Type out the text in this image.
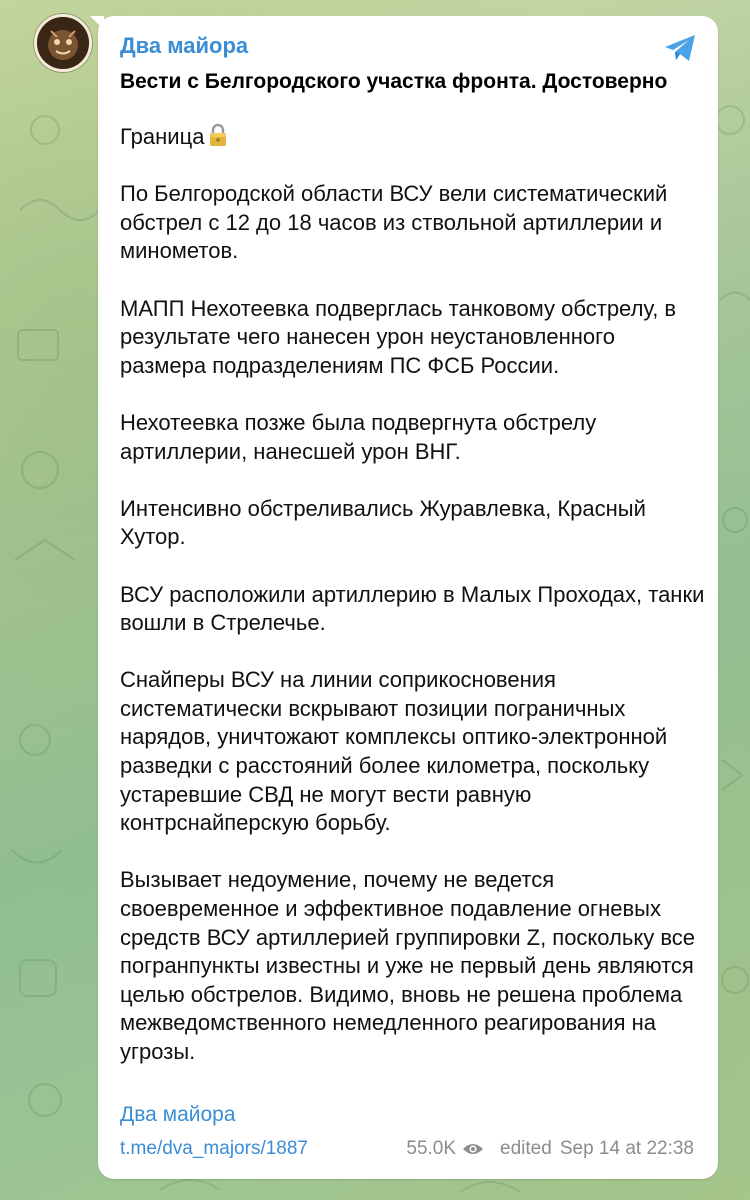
Два майора
Вести с Белгородского участка фронта. Достоверно

Граница

По Белгородской области ВСУ вели систематический обстрел с 12 до 18 часов из ствольной артиллерии и минометов.

МАПП Нехотеевка подверглась танковому обстрелу, в результате чего нанесен урон неустановленного размера подразделениям ПС ФСБ России.

Нехотеевка позже была подвергнута обстрелу артиллерии, нанесшей урон ВНГ.

Интенсивно обстреливались Журавлевка, Красный Хутор.

ВСУ расположили артиллерию в Малых Проходах, танки вошли в Стрелечье.

Снайперы ВСУ на линии соприкосновения систематически вскрывают позиции пограничных нарядов, уничтожают комплексы оптико-электронной разведки с расстояний более километра, поскольку устаревшие СВД не могут вести равную контрснайперскую борьбу.

Вызывает недоумение, почему не ведется своевременное и эффективное подавление огневых средств ВСУ артиллерией группировки Z, поскольку все погранпункты известны и уже не первый день являются целью обстрелов. Видимо, вновь не решена проблема межведомственного немедленного реагирования на угрозы.

Два майора
t.me/dva_majors/1887	55.0K edited Sep 14 at 22:38
